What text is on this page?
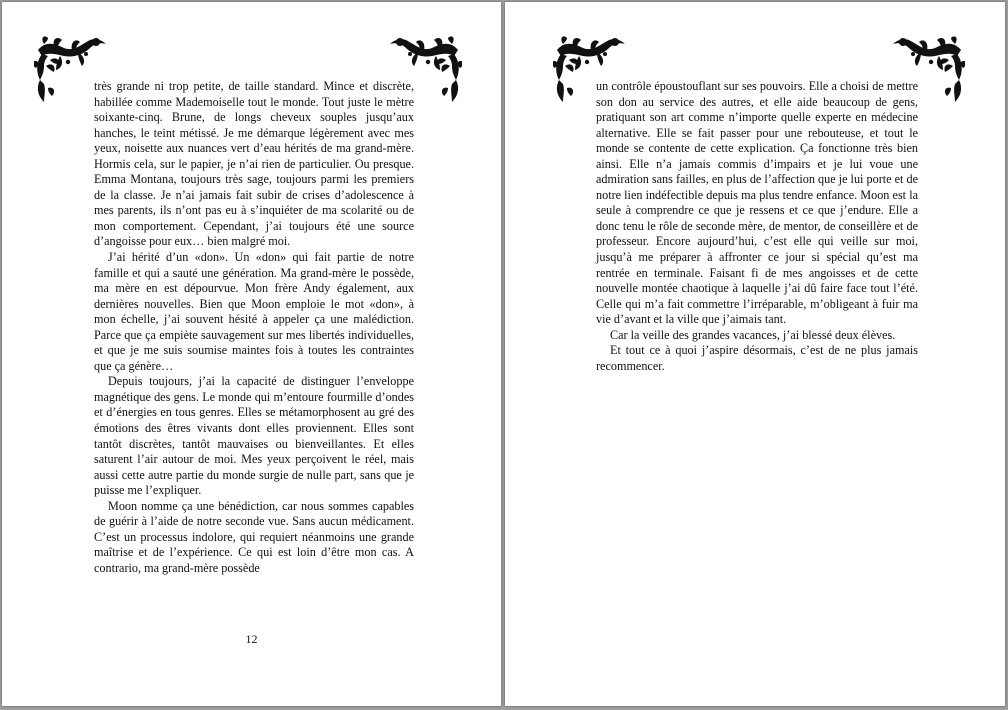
très grande ni trop petite, de taille standard. Mince et discrète, habillée comme Mademoiselle tout le monde. Tout juste le mètre soixante-cinq. Brune, de longs cheveux souples jusqu’aux hanches, le teint métissé. Je me démarque légèrement avec mes yeux, noisette aux nuances vert d’eau hérités de ma grand-mère. Hormis cela, sur le papier, je n’ai rien de particulier. Ou presque. Emma Montana, toujours très sage, toujours parmi les premiers de la classe. Je n’ai jamais fait subir de crises d’adolescence à mes parents, ils n’ont pas eu à s’inquiéter de ma scolarité ou de mon comportement. Cependant, j’ai toujours été une source d’angoisse pour eux… bien malgré moi.

J’ai hérité d’un «don». Un «don» qui fait partie de notre famille et qui a sauté une génération. Ma grand-mère le possède, ma mère en est dépourvue. Mon frère Andy également, aux dernières nouvelles. Bien que Moon emploie le mot «don», à mon échelle, j’ai souvent hésité à appeler ça une malédiction. Parce que ça empiète sauvagement sur mes libertés individuelles, et que je me suis soumise maintes fois à toutes les contraintes que ça génère…

Depuis toujours, j’ai la capacité de distinguer l’enveloppe magnétique des gens. Le monde qui m’entoure fourmille d’ondes et d’énergies en tous genres. Elles se métamorphosent au gré des émotions des êtres vivants dont elles proviennent. Elles sont tantôt discrètes, tantôt mauvaises ou bienveillantes. Et elles saturent l’air autour de moi. Mes yeux perçoivent le réel, mais aussi cette autre partie du monde surgie de nulle part, sans que je puisse me l’expliquer.

Moon nomme ça une bénédiction, car nous sommes capables de guérir à l’aide de notre seconde vue. Sans aucun médicament. C’est un processus indolore, qui requiert néanmoins une grande maîtrise et de l’expérience. Ce qui est loin d’être mon cas. A contrario, ma grand-mère possède

12

un contrôle époustouflant sur ses pouvoirs. Elle a choisi de mettre son don au service des autres, et elle aide beaucoup de gens, pratiquant son art comme n’importe quelle experte en médecine alternative. Elle se fait passer pour une rebouteuse, et tout le monde se contente de cette explication. Ça fonctionne très bien ainsi. Elle n’a jamais commis d’impairs et je lui voue une admiration sans failles, en plus de l’affection que je lui porte et de notre lien indéfectible depuis ma plus tendre enfance. Moon est la seule à comprendre ce que je ressens et ce que j’endure. Elle a donc tenu le rôle de seconde mère, de mentor, de conseillère et de professeur. Encore aujourd’hui, c’est elle qui veille sur moi, jusqu’à me préparer à affronter ce jour si spécial qu’est ma rentrée en terminale. Faisant fi de mes angoisses et de cette nouvelle montée chaotique à laquelle j’ai dû faire face tout l’été. Celle qui m’a fait commettre l’irréparable, m’obligeant à fuir ma vie d’avant et la ville que j’aimais tant.

Car la veille des grandes vacances, j’ai blessé deux élèves.

Et tout ce à quoi j’aspire désormais, c’est de ne plus jamais recommencer.
